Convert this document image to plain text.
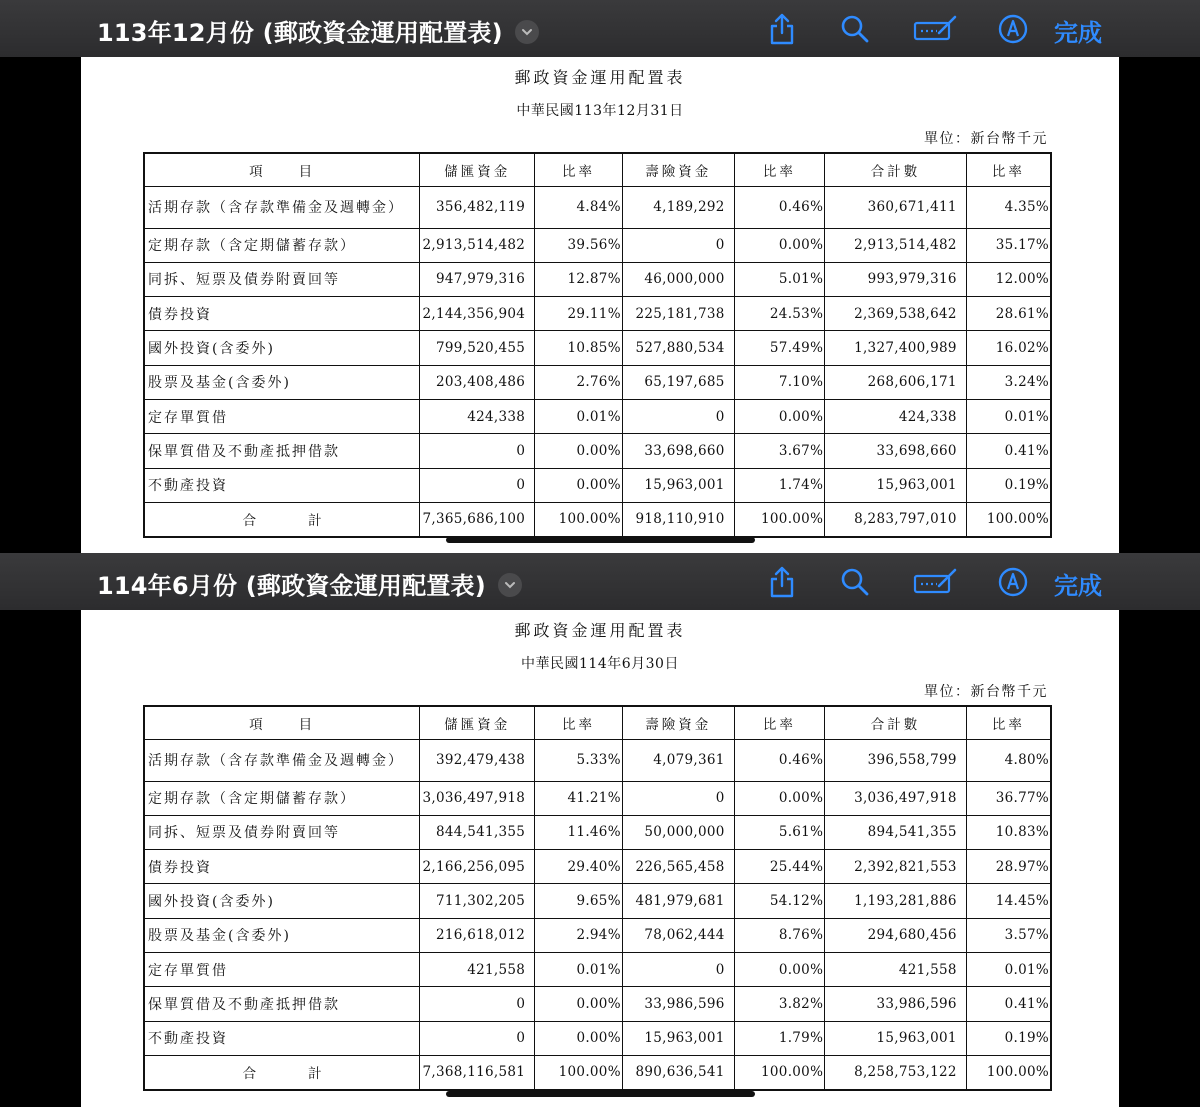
113年12月份 (郵政資金運用配置表)	完成
郵政資金運用配置表
中華民國113年12月31日
單位：新台幣千元
項　　目	儲匯資金	比率	壽險資金	比率	合計數	比率
活期存款（含存款準備金及週轉金）	356,482,119	4.84%	4,189,292	0.46%	360,671,411	4.35%
定期存款（含定期儲蓄存款）	2,913,514,482	39.56%	0	0.00%	2,913,514,482	35.17%
同拆、短票及債券附賣回等	947,979,316	12.87%	46,000,000	5.01%	993,979,316	12.00%
債券投資	2,144,356,904	29.11%	225,181,738	24.53%	2,369,538,642	28.61%
國外投資(含委外)	799,520,455	10.85%	527,880,534	57.49%	1,327,400,989	16.02%
股票及基金(含委外)	203,408,486	2.76%	65,197,685	7.10%	268,606,171	3.24%
定存單質借	424,338	0.01%	0	0.00%	424,338	0.01%
保單質借及不動產抵押借款	0	0.00%	33,698,660	3.67%	33,698,660	0.41%
不動產投資	0	0.00%	15,963,001	1.74%	15,963,001	0.19%
合 計	7,365,686,100	100.00%	918,110,910	100.00%	8,283,797,010	100.00%
114年6月份 (郵政資金運用配置表)	完成
郵政資金運用配置表
中華民國114年6月30日
單位：新台幣千元
項　　目	儲匯資金	比率	壽險資金	比率	合計數	比率
活期存款（含存款準備金及週轉金）	392,479,438	5.33%	4,079,361	0.46%	396,558,799	4.80%
定期存款（含定期儲蓄存款）	3,036,497,918	41.21%	0	0.00%	3,036,497,918	36.77%
同拆、短票及債券附賣回等	844,541,355	11.46%	50,000,000	5.61%	894,541,355	10.83%
債券投資	2,166,256,095	29.40%	226,565,458	25.44%	2,392,821,553	28.97%
國外投資(含委外)	711,302,205	9.65%	481,979,681	54.12%	1,193,281,886	14.45%
股票及基金(含委外)	216,618,012	2.94%	78,062,444	8.76%	294,680,456	3.57%
定存單質借	421,558	0.01%	0	0.00%	421,558	0.01%
保單質借及不動產抵押借款	0	0.00%	33,986,596	3.82%	33,986,596	0.41%
不動產投資	0	0.00%	15,963,001	1.79%	15,963,001	0.19%
合 計	7,368,116,581	100.00%	890,636,541	100.00%	8,258,753,122	100.00%
